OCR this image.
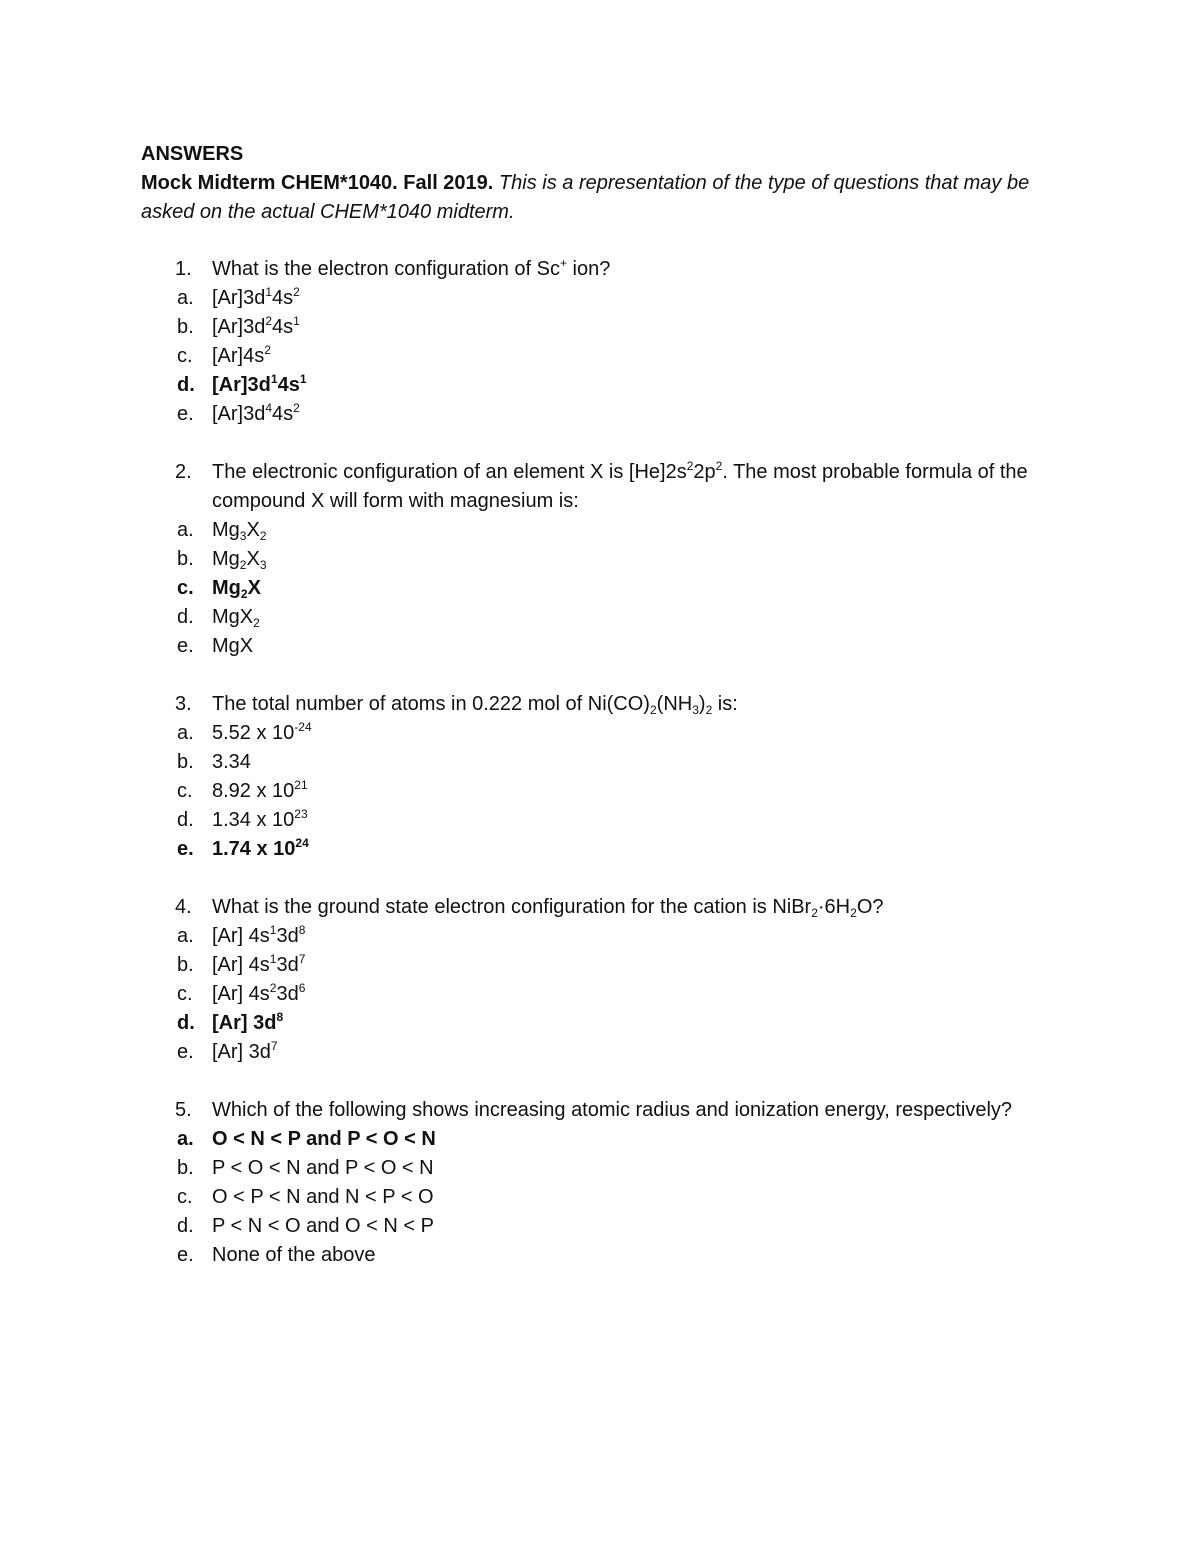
ANSWERS

Mock Midterm CHEM*1040. Fall 2019. This is a representation of the type of questions that may be asked on the actual CHEM*1040 midterm.

1. What is the electron configuration of Sc+ ion?
a. $[Ar]3d^14s^2$
b. $[Ar]3d^24s^1$
c. $[Ar]4s^2$
d. $[Ar]3d^14s^1$
e. $[Ar]3d^44s^2$
2. The electronic configuration of an element X is $[He]2s^22p^2$. The most probable formula of the compound X will form with magnesium is:
a. $Mg_3X_2$
b. $Mg_2X_3$
c. $Mg_2X$
d. MgX$_2$
e. MgX
3. The total number of atoms in 0.222 mol of $Ni(CO)_2(NH_3)_2$ is:
a. 5.52 x $10^{-24}$
b. 3.34
c. 8.92 x $10^{21}$
d. 1.34 x $10^{23}$
e. 1.74 x $10^{24}$
4. What is the ground state electron configuration for the cation is $NiBr_2\cdot 6H_2O$?
a. [Ar] $4s^13d^8$
b. [Ar] $4s^13d^7$
c. [Ar] $4s^23d^6$
d. [Ar] $3d^8$
e. [Ar] $3d^7$
5. Which of the following shows increasing atomic radius and ionization energy, respectively?
a. O < N < P and P < O < N
b. P < O < N and P < O < N
c. O < P < N and N < P < O
d. P < N < O and O < N < P
e. None of the above
